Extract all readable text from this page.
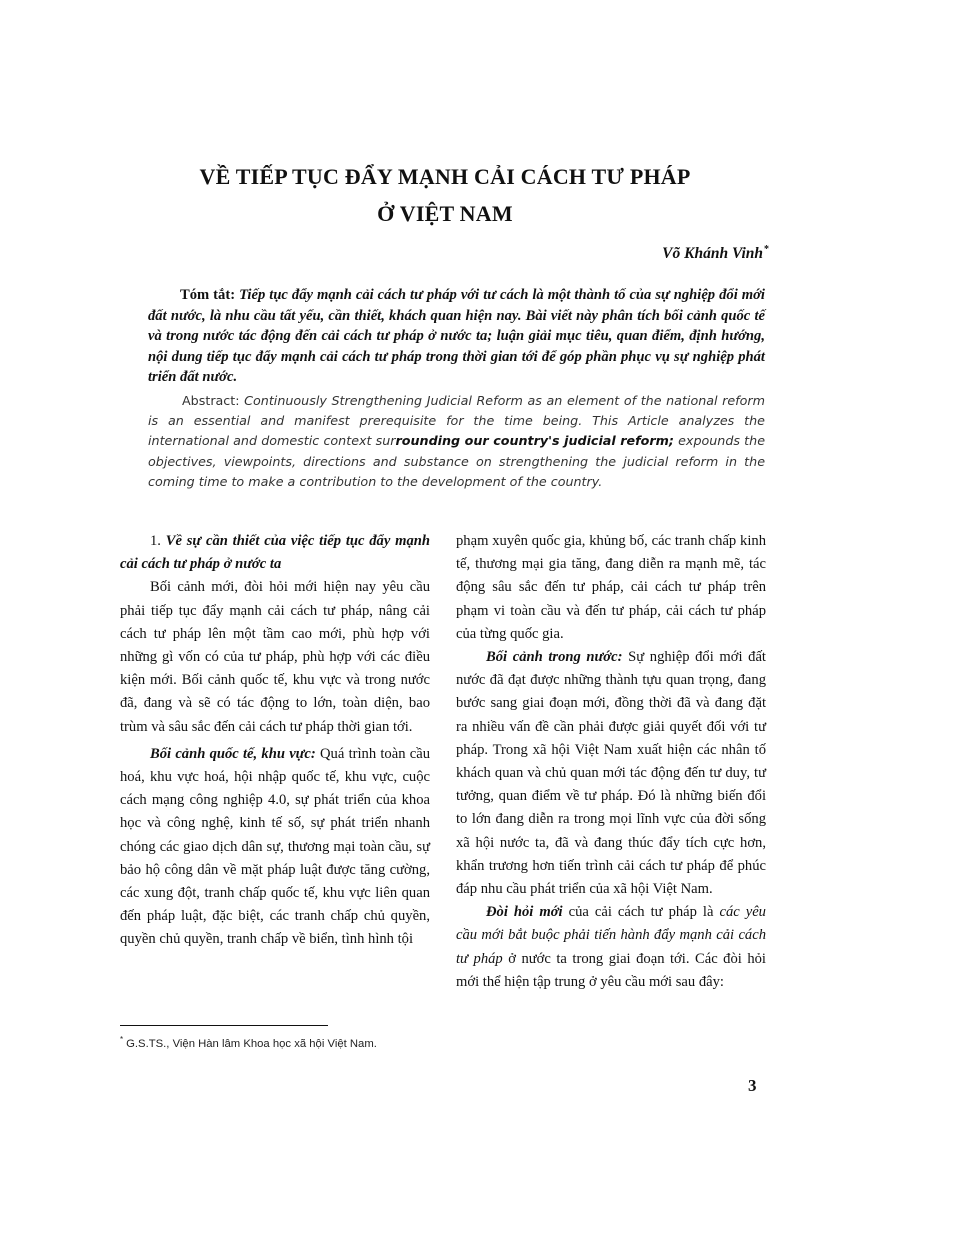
VỀ TIẾP TỤC ĐẨY MẠNH CẢI CÁCH TƯ PHÁP
Ở VIỆT NAM
Võ Khánh Vinh*
Tóm tắt: Tiếp tục đẩy mạnh cải cách tư pháp với tư cách là một thành tố của sự nghiệp đổi mới đất nước, là nhu cầu tất yếu, cần thiết, khách quan hiện nay. Bài viết này phân tích bối cảnh quốc tế và trong nước tác động đến cải cách tư pháp ở nước ta; luận giải mục tiêu, quan điểm, định hướng, nội dung tiếp tục đẩy mạnh cải cách tư pháp trong thời gian tới để góp phần phục vụ sự nghiệp phát triển đất nước.
Abstract: Continuously Strengthening Judicial Reform as an element of the national reform is an essential and manifest prerequisite for the time being. This Article analyzes the international and domestic context surrounding our country's judicial reform; expounds the objectives, viewpoints, directions and substance on strengthening the judicial reform in the coming time to make a contribution to the development of the country.

1. Về sự cần thiết của việc tiếp tục đẩy mạnh cải cách tư pháp ở nước ta

Bối cảnh mới, đòi hỏi mới hiện nay yêu cầu phải tiếp tục đẩy mạnh cải cách tư pháp, nâng cải cách tư pháp lên một tầm cao mới, phù hợp với những gì vốn có của tư pháp, phù hợp với các điều kiện mới. Bối cảnh quốc tế, khu vực và trong nước đã, đang và sẽ có tác động to lớn, toàn diện, bao trùm và sâu sắc đến cải cách tư pháp thời gian tới.

Bối cảnh quốc tế, khu vực: Quá trình toàn cầu hoá, khu vực hoá, hội nhập quốc tế, khu vực, cuộc cách mạng công nghiệp 4.0, sự phát triển của khoa học và công nghệ, kinh tế số, sự phát triển nhanh chóng các giao dịch dân sự, thương mại toàn cầu, sự bảo hộ công dân về mặt pháp luật được tăng cường, các xung đột, tranh chấp quốc tế, khu vực liên quan đến pháp luật, đặc biệt, các tranh chấp chủ quyền, quyền chủ quyền, tranh chấp về biển, tình hình tội

phạm xuyên quốc gia, khủng bố, các tranh chấp kinh tế, thương mại gia tăng, đang diễn ra mạnh mẽ, tác động sâu sắc đến tư pháp, cải cách tư pháp trên phạm vi toàn cầu và đến tư pháp, cải cách tư pháp của từng quốc gia.

Bối cảnh trong nước: Sự nghiệp đổi mới đất nước đã đạt được những thành tựu quan trọng, đang bước sang giai đoạn mới, đồng thời đã và đang đặt ra nhiều vấn đề cần phải được giải quyết đối với tư pháp. Trong xã hội Việt Nam xuất hiện các nhân tố khách quan và chủ quan mới tác động đến tư duy, tư tưởng, quan điểm về tư pháp. Đó là những biến đổi to lớn đang diễn ra trong mọi lĩnh vực của đời sống xã hội nước ta, đã và đang thúc đẩy tích cực hơn, khẩn trương hơn tiến trình cải cách tư pháp để phúc đáp nhu cầu phát triển của xã hội Việt Nam.

Đòi hỏi mới của cải cách tư pháp là các yêu cầu mới bắt buộc phải tiến hành đẩy mạnh cải cách tư pháp ở nước ta trong giai đoạn tới. Các đòi hỏi mới thể hiện tập trung ở yêu cầu mới sau đây:

* G.S.TS., Viện Hàn lâm Khoa học xã hội Việt Nam.
3
